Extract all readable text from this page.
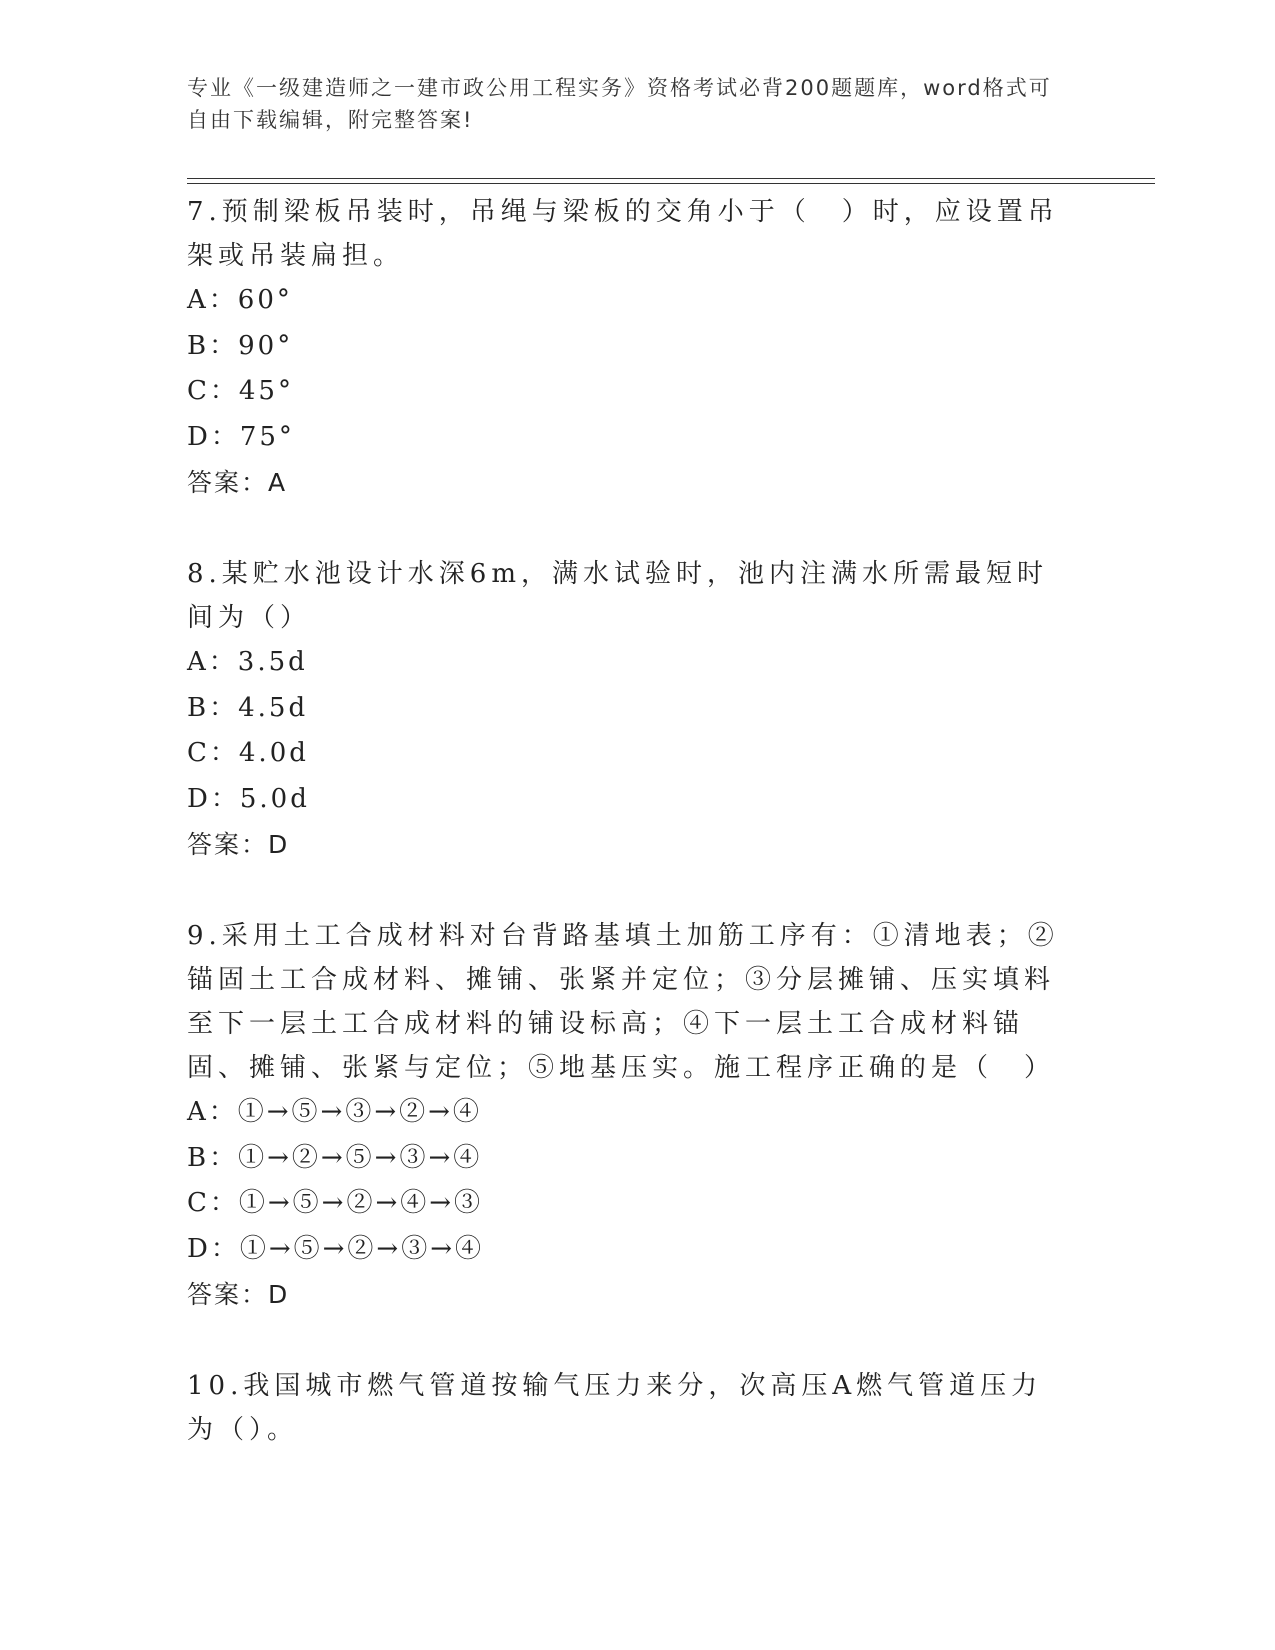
专业《一级建造师之一建市政公用工程实务》资格考试必背200题题库，word格式可自由下载编辑，附完整答案!

7.预制梁板吊装时，吊绳与梁板的交角小于（　）时，应设置吊架或吊装扁担。

A：60°

B：90°

C：45°

D：75°

答案：A

8.某贮水池设计水深6m，满水试验时，池内注满水所需最短时间为（）

A：3.5d

B：4.5d

C：4.0d

D：5.0d

答案：D

9.采用土工合成材料对台背路基填土加筋工序有：①清地表；②锚固土工合成材料、摊铺、张紧并定位；③分层摊铺、压实填料至下一层土工合成材料的铺设标高；④下一层土工合成材料锚固、摊铺、张紧与定位；⑤地基压实。施工程序正确的是（　）

A：①→⑤→③→②→④

B：①→②→⑤→③→④

C：①→⑤→②→④→③

D：①→⑤→②→③→④

答案：D

10.我国城市燃气管道按输气压力来分，次高压A燃气管道压力为（）。
